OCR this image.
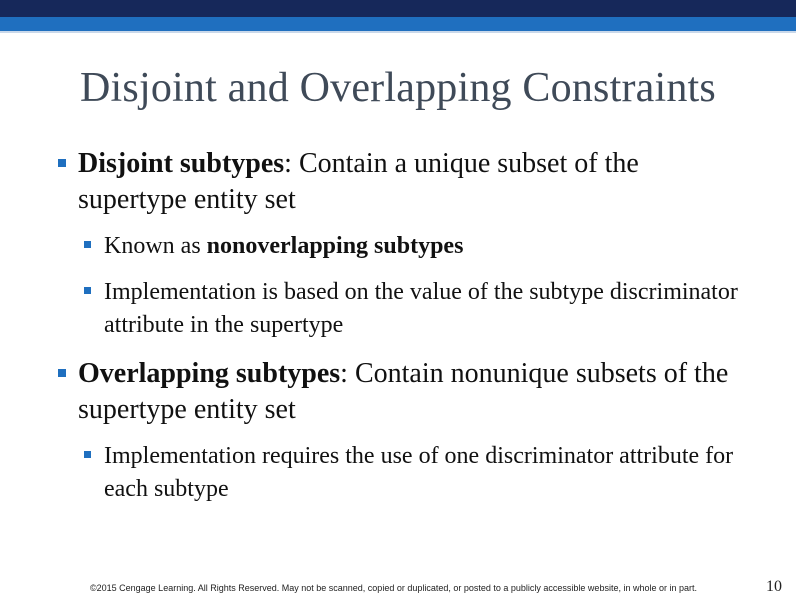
Disjoint and Overlapping Constraints
Disjoint subtypes: Contain a unique subset of the supertype entity set
Known as nonoverlapping subtypes
Implementation is based on the value of the subtype discriminator attribute in the supertype
Overlapping subtypes: Contain nonunique subsets of the supertype entity set
Implementation requires the use of one discriminator attribute for each subtype
©2015 Cengage Learning. All Rights Reserved. May not be scanned, copied or duplicated, or posted to a publicly accessible website, in whole or in part.	10
